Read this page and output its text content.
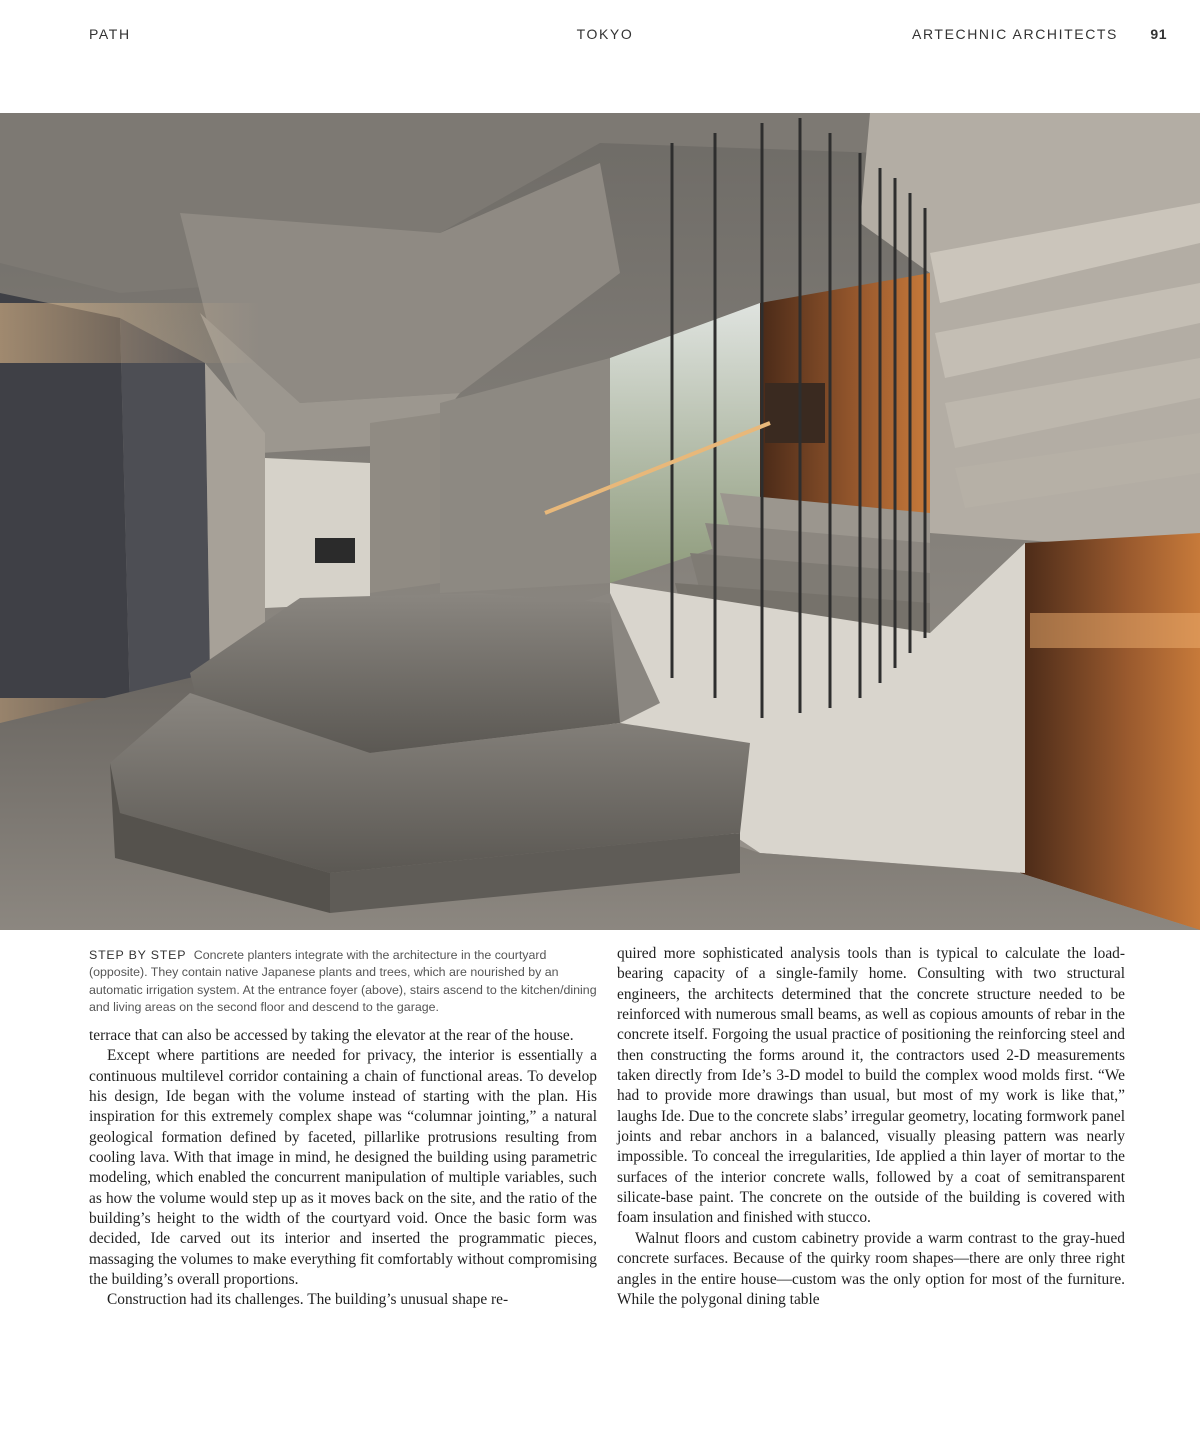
PATH	TOKYO	ARTECHNIC ARCHITECTS 91
STEP BY STEP Concrete planters integrate with the architecture in the courtyard (opposite). They contain native Japanese plants and trees, which are nourished by an automatic irrigation system. At the entrance foyer (above), stairs ascend to the kitchen/dining and living areas on the second floor and descend to the garage.

terrace that can also be accessed by taking the elevator at the rear of the house.

Except where partitions are needed for privacy, the interior is essentially a continuous multilevel corridor containing a chain of functional areas. To develop his design, Ide began with the volume instead of starting with the plan. His inspiration for this extremely complex shape was “columnar jointing,” a natural geological formation defined by faceted, pillarlike protrusions resulting from cooling lava. With that image in mind, he designed the building using parametric modeling, which enabled the concurrent manipulation of multiple variables, such as how the volume would step up as it moves back on the site, and the ratio of the building’s height to the width of the courtyard void. Once the basic form was decided, Ide carved out its interior and inserted the programmatic pieces, massaging the volumes to make everything fit comfortably without compromising the building’s overall proportions.

Construction had its challenges. The building’s unusual shape re-

quired more sophisticated analysis tools than is typical to calculate the load-bearing capacity of a single-family home. Consulting with two structural engineers, the architects determined that the concrete structure needed to be reinforced with numerous small beams, as well as copious amounts of rebar in the concrete itself. Forgoing the usual practice of positioning the reinforcing steel and then constructing the forms around it, the contractors used 2-D measurements taken directly from Ide’s 3-D model to build the complex wood molds first. “We had to provide more drawings than usual, but most of my work is like that,” laughs Ide. Due to the concrete slabs’ irregular geometry, locating formwork panel joints and rebar anchors in a balanced, visually pleasing pattern was nearly impossible. To conceal the irregularities, Ide applied a thin layer of mortar to the surfaces of the interior concrete walls, followed by a coat of semitransparent silicate-base paint. The concrete on the outside of the building is covered with foam insulation and finished with stucco.

Walnut floors and custom cabinetry provide a warm contrast to the gray-hued concrete surfaces. Because of the quirky room shapes—there are only three right angles in the entire house—custom was the only option for most of the furniture. While the polygonal dining table
